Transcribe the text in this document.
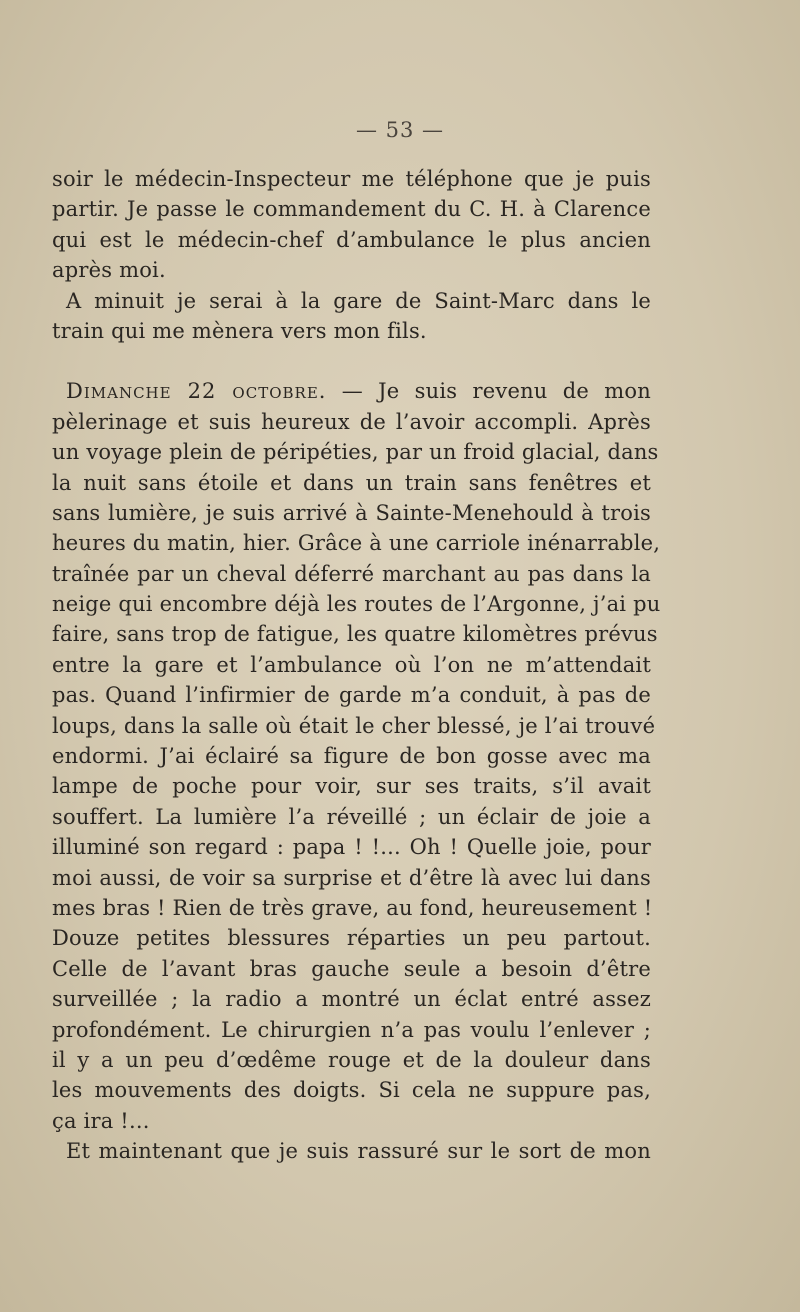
— 53 —
soir le médecin-Inspecteur me téléphone que je puis
partir. Je passe le commandement du C. H. à Clarence
qui est le médecin-chef d’ambulance le plus ancien
après moi.
A minuit je serai à la gare de Saint-Marc dans le
train qui me mènera vers mon fils.
Dimanche 22 octobre. — Je suis revenu de mon
pèlerinage et suis heureux de l’avoir accompli. Après
un voyage plein de péripéties, par un froid glacial, dans
la nuit sans étoile et dans un train sans fenêtres et
sans lumière, je suis arrivé à Sainte-Menehould à trois
heures du matin, hier. Grâce à une carriole inénarrable,
traînée par un cheval déferré marchant au pas dans la
neige qui encombre déjà les routes de l’Argonne, j’ai pu
faire, sans trop de fatigue, les quatre kilomètres prévus
entre la gare et l’ambulance où l’on ne m’attendait
pas. Quand l’infirmier de garde m’a conduit, à pas de
loups, dans la salle où était le cher blessé, je l’ai trouvé
endormi. J’ai éclairé sa figure de bon gosse avec ma
lampe de poche pour voir, sur ses traits, s’il avait
souffert. La lumière l’a réveillé ; un éclair de joie a
illuminé son regard : papa ! !... Oh ! Quelle joie, pour
moi aussi, de voir sa surprise et d’être là avec lui dans
mes bras ! Rien de très grave, au fond, heureusement !
Douze petites blessures réparties un peu partout.
Celle de l’avant bras gauche seule a besoin d’être
surveillée ; la radio a montré un éclat entré assez
profondément. Le chirurgien n’a pas voulu l’enlever ;
il y a un peu d’œdême rouge et de la douleur dans
les mouvements des doigts. Si cela ne suppure pas,
ça ira !...
Et maintenant que je suis rassuré sur le sort de mon
